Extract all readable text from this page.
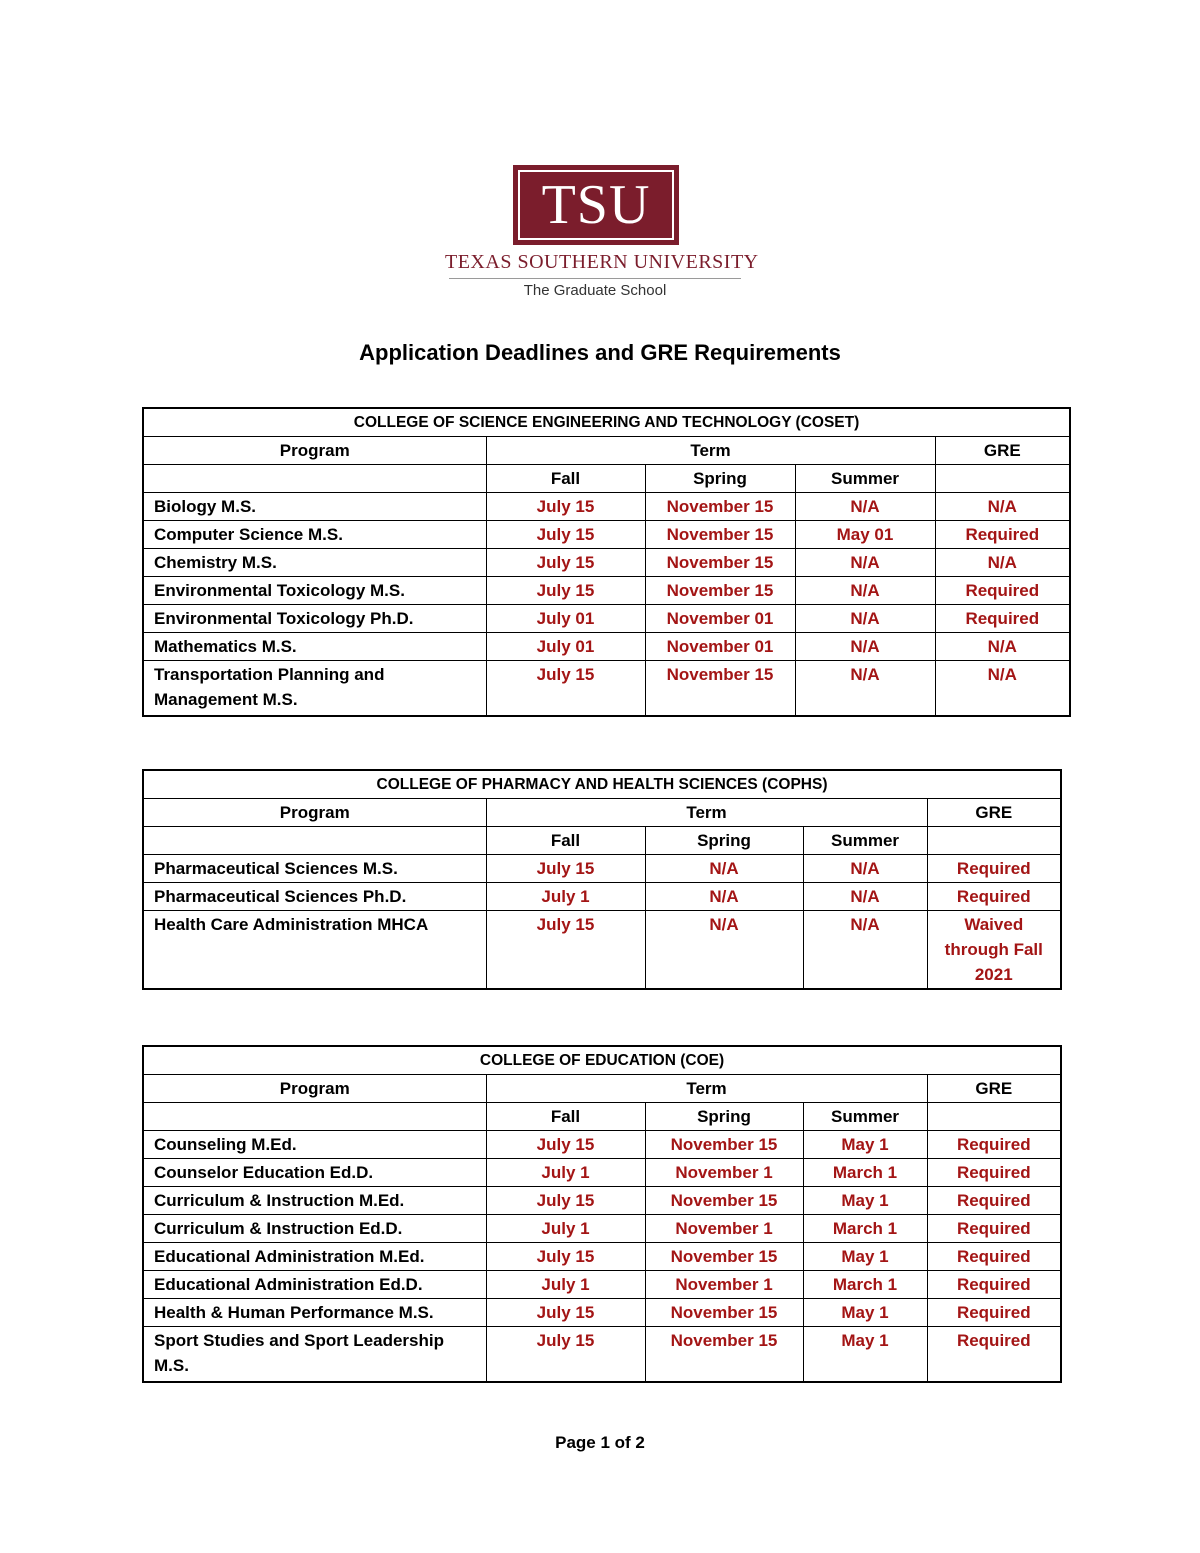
TSU
TEXAS SOUTHERN UNIVERSITY
The Graduate School
Application Deadlines and GRE Requirements
COLLEGE OF SCIENCE ENGINEERING AND TECHNOLOGY (COSET)				
Program	Term			GRE
	Fall	Spring	Summer	
Biology M.S.	July 15	November 15	N/A	N/A
Computer Science M.S.	July 15	November 15	May 01	Required
Chemistry M.S.	July 15	November 15	N/A	N/A
Environmental Toxicology M.S.	July 15	November 15	N/A	Required
Environmental Toxicology Ph.D.	July 01	November 01	N/A	Required
Mathematics M.S.	July 01	November 01	N/A	N/A
Transportation Planning and Management M.S.	July 15	November 15	N/A	N/A
COLLEGE OF PHARMACY AND HEALTH SCIENCES (COPHS)				
Program	Term			GRE
	Fall	Spring	Summer	
Pharmaceutical Sciences M.S.	July 15	N/A	N/A	Required
Pharmaceutical Sciences Ph.D.	July 1	N/A	N/A	Required
Health Care Administration MHCA	July 15	N/A	N/A	Waived through Fall 2021
COLLEGE OF EDUCATION (COE)				
Program	Term			GRE
	Fall	Spring	Summer	
Counseling M.Ed.	July 15	November 15	May 1	Required
Counselor Education Ed.D.	July 1	November 1	March 1	Required
Curriculum & Instruction M.Ed.	July 15	November 15	May 1	Required
Curriculum & Instruction Ed.D.	July 1	November 1	March 1	Required
Educational Administration M.Ed.	July 15	November 15	May 1	Required
Educational Administration Ed.D.	July 1	November 1	March 1	Required
Health & Human Performance M.S.	July 15	November 15	May 1	Required
Sport Studies and Sport Leadership M.S.	July 15	November 15	May 1	Required
Page 1 of 2
